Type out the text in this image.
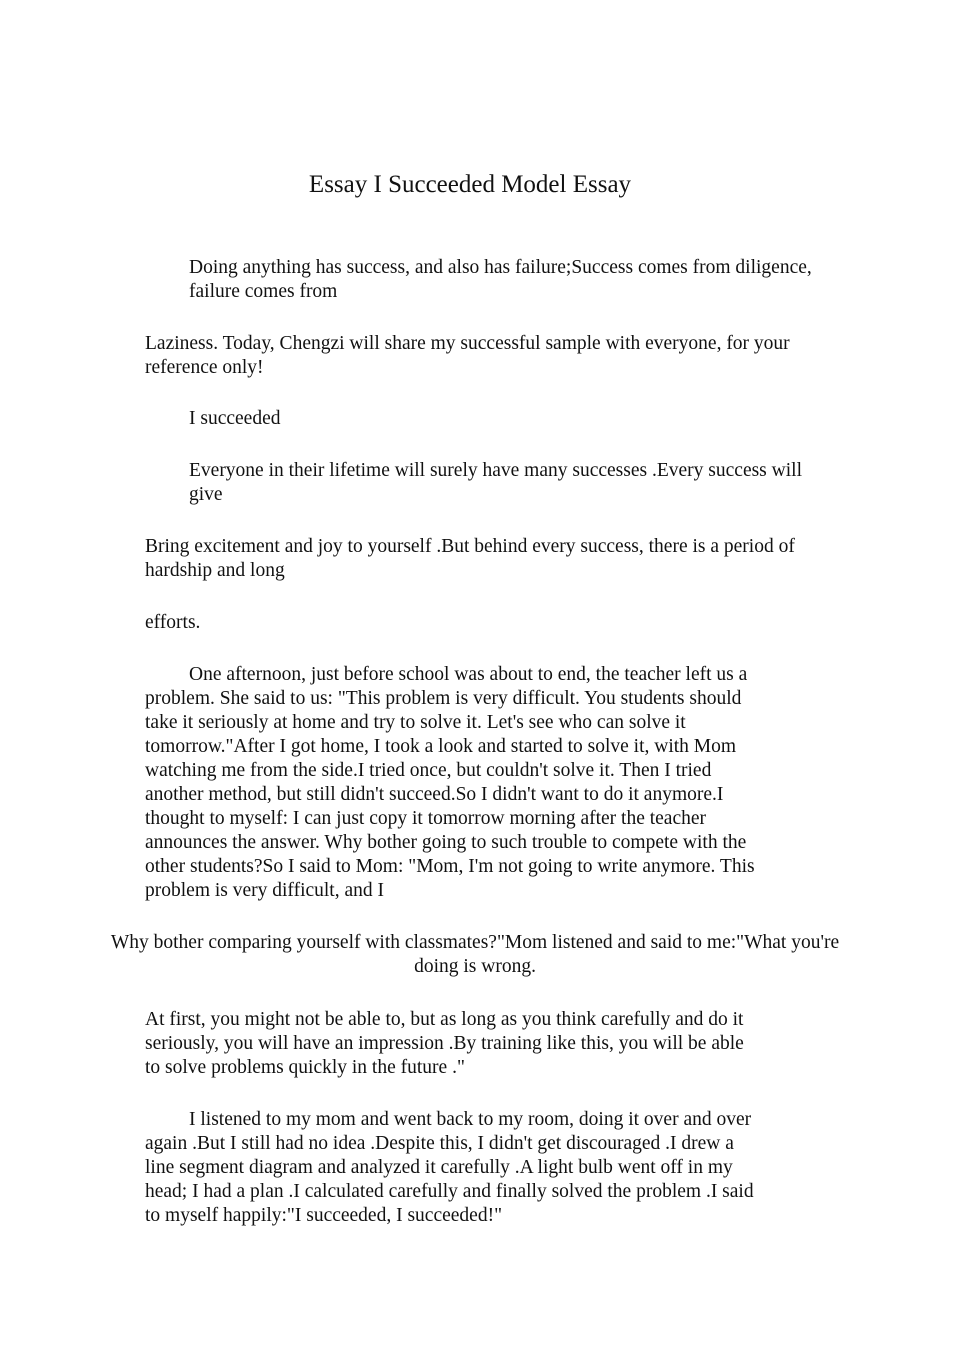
Essay I Succeeded Model Essay

Doing anything has success, and also has failure;Success comes from diligence,
failure comes from

Laziness. Today, Chengzi will share my successful sample with everyone, for your
reference only!

I succeeded

Everyone in their lifetime will surely have many successes .Every success will
give

Bring excitement and joy to yourself .But behind every success, there is a period of
hardship and long

efforts.

One afternoon, just before school was about to end, the teacher left us a
problem. She said to us: "This problem is very difficult. You students should
take it seriously at home and try to solve it. Let's see who can solve it
tomorrow."After I got home, I took a look and started to solve it, with Mom
watching me from the side.I tried once, but couldn't solve it. Then I tried
another method, but still didn't succeed.So I didn't want to do it anymore.I
thought to myself: I can just copy it tomorrow morning after the teacher
announces the answer. Why bother going to such trouble to compete with the
other students?So I said to Mom: "Mom, I'm not going to write anymore. This
problem is very difficult, and I

Why bother comparing yourself with classmates?"Mom listened and said to me:"What you're
doing is wrong.

At first, you might not be able to, but as long as you think carefully and do it
seriously, you will have an impression .By training like this, you will be able
to solve problems quickly in the future ."

I listened to my mom and went back to my room, doing it over and over
again .But I still had no idea .Despite this, I didn't get discouraged .I drew a
line segment diagram and analyzed it carefully .A light bulb went off in my
head; I had a plan .I calculated carefully and finally solved the problem .I said
to myself happily:"I succeeded, I succeeded!"
